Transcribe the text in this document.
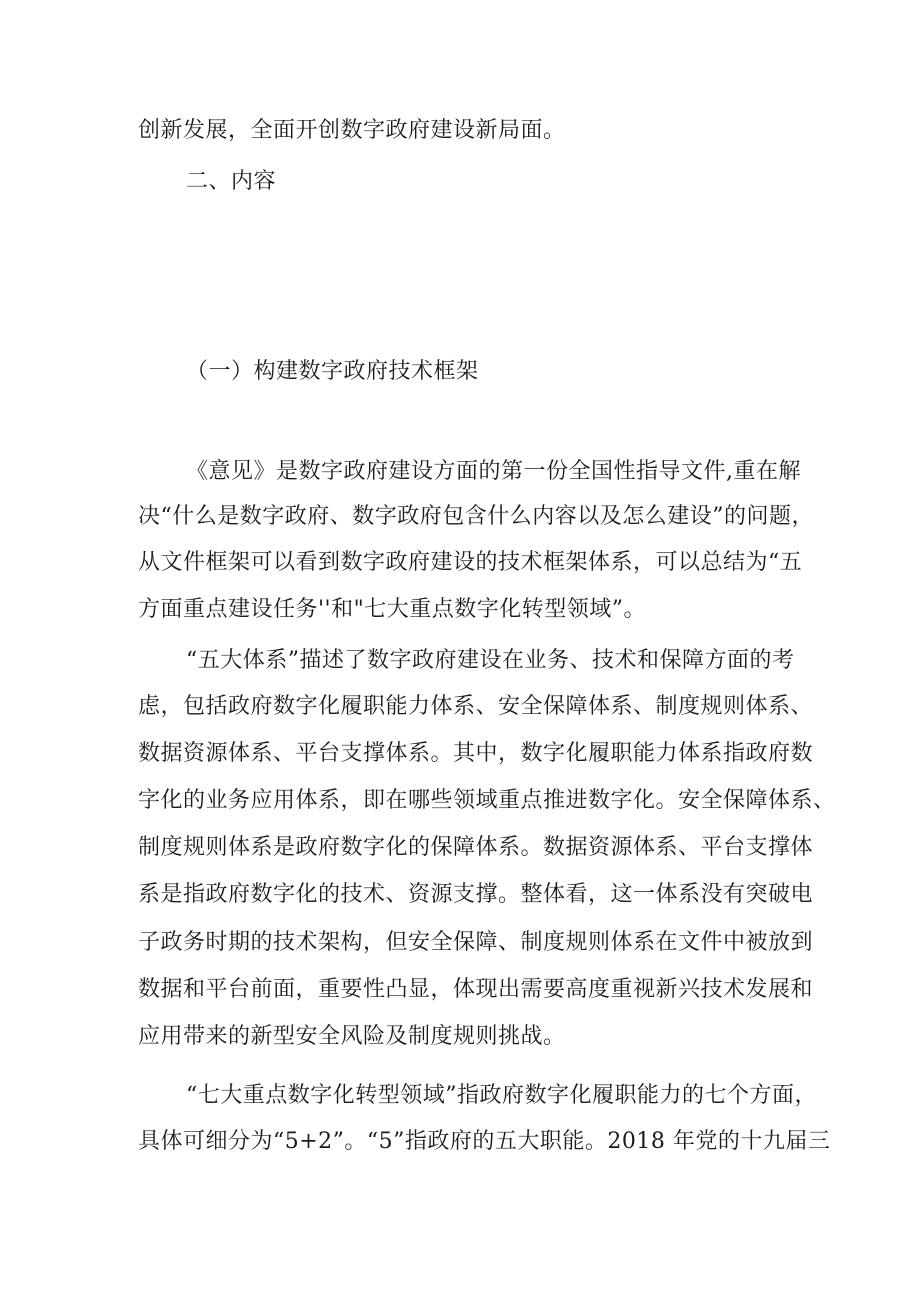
创新发展，全面开创数字政府建设新局面。
二、内容
（一）构建数字政府技术框架
《意见》是数字政府建设方面的第一份全国性指导文件,重在解
决“什么是数字政府、数字政府包含什么内容以及怎么建设”的问题，
从文件框架可以看到数字政府建设的技术框架体系，可以总结为“五
方面重点建设任务''和"七大重点数字化转型领域”。
“五大体系”描述了数字政府建设在业务、技术和保障方面的考
虑，包括政府数字化履职能力体系、安全保障体系、制度规则体系、
数据资源体系、平台支撑体系。其中，数字化履职能力体系指政府数
字化的业务应用体系，即在哪些领域重点推进数字化。安全保障体系、
制度规则体系是政府数字化的保障体系。数据资源体系、平台支撑体
系是指政府数字化的技术、资源支撑。整体看，这一体系没有突破电
子政务时期的技术架构，但安全保障、制度规则体系在文件中被放到
数据和平台前面，重要性凸显，体现出需要高度重视新兴技术发展和
应用带来的新型安全风险及制度规则挑战。
“七大重点数字化转型领域”指政府数字化履职能力的七个方面，
具体可细分为“5+2”。“5”指政府的五大职能。2018 年党的十九届三
